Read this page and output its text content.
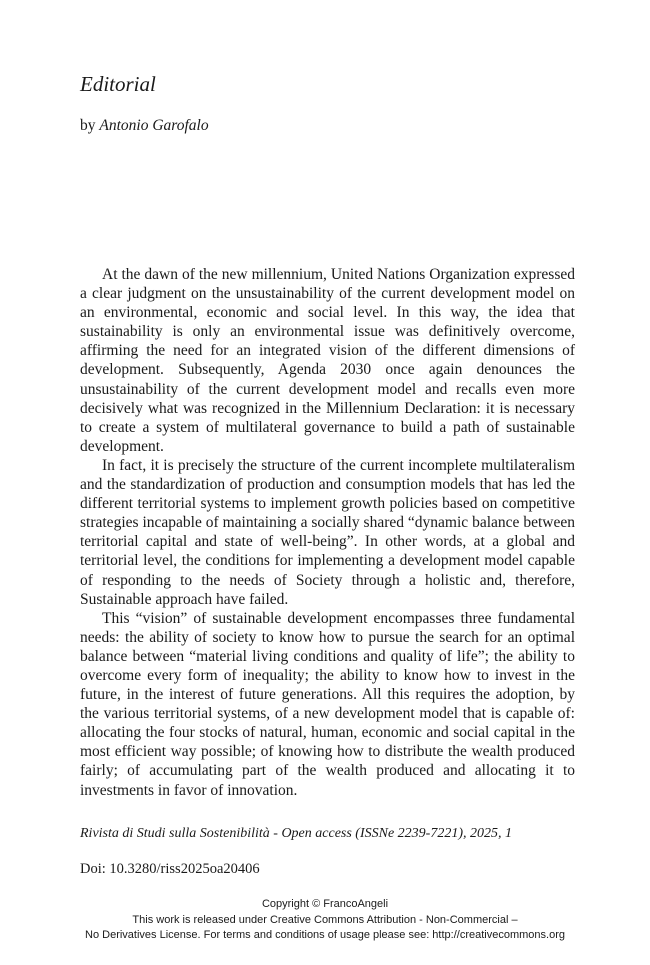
Editorial
by Antonio Garofalo

At the dawn of the new millennium, United Nations Organization expressed a clear judgment on the unsustainability of the current development model on an environmental, economic and social level. In this way, the idea that sustainability is only an environmental issue was definitively overcome, affirming the need for an integrated vision of the different dimensions of development. Subsequently, Agenda 2030 once again denounces the unsustainability of the current development model and recalls even more decisively what was recognized in the Millennium Declaration: it is necessary to create a system of multilateral governance to build a path of sustainable development.

In fact, it is precisely the structure of the current incomplete multilateralism and the standardization of production and consumption models that has led the different territorial systems to implement growth policies based on competitive strategies incapable of maintaining a socially shared “dynamic balance between territorial capital and state of well-being”. In other words, at a global and territorial level, the conditions for implementing a development model capable of responding to the needs of Society through a holistic and, therefore, Sustainable approach have failed.

This “vision” of sustainable development encompasses three fundamental needs: the ability of society to know how to pursue the search for an optimal balance between “material living conditions and quality of life”; the ability to overcome every form of inequality; the ability to know how to invest in the future, in the interest of future generations. All this requires the adoption, by the various territorial systems, of a new development model that is capable of: allocating the four stocks of natural, human, economic and social capital in the most efficient way possible; of knowing how to distribute the wealth produced fairly; of accumulating part of the wealth produced and allocating it to investments in favor of innovation.

Rivista di Studi sulla Sostenibilità - Open access (ISSNe 2239-7221), 2025, 1
Doi: 10.3280/riss2025oa20406
Copyright © FrancoAngeli
This work is released under Creative Commons Attribution - Non-Commercial –
No Derivatives License. For terms and conditions of usage please see: http://creativecommons.org
